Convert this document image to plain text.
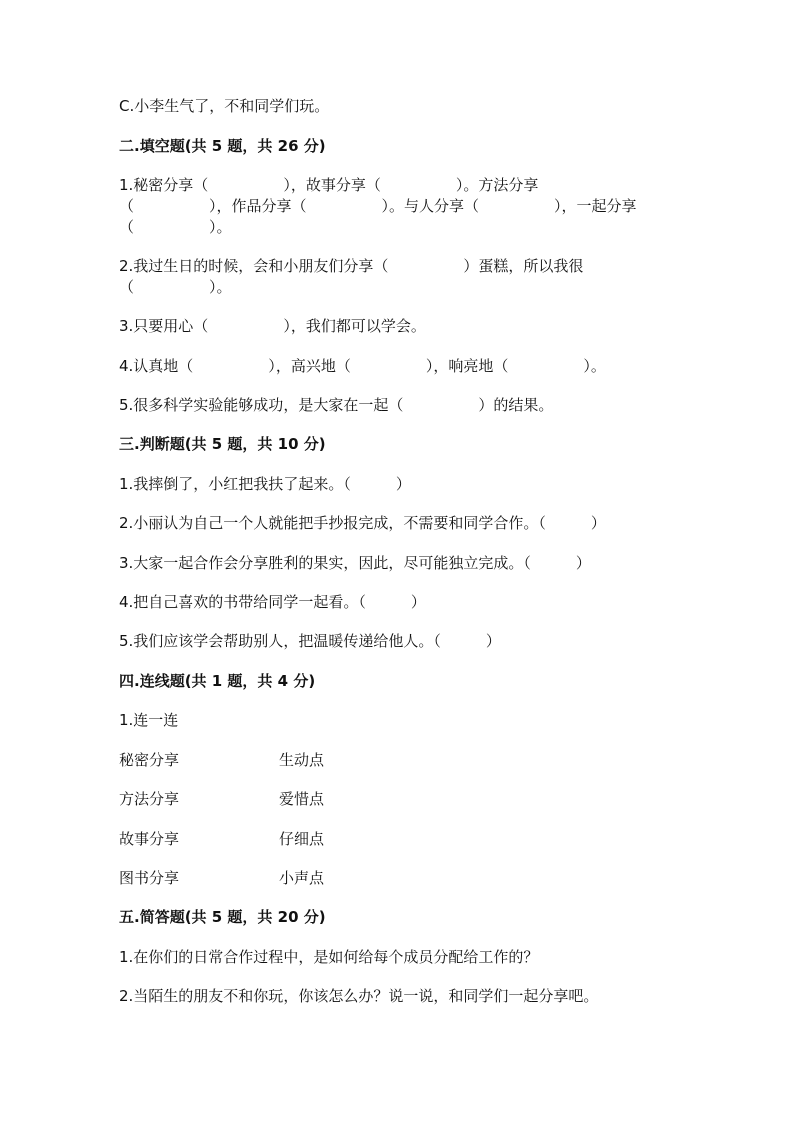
C.小李生气了，不和同学们玩。
二.填空题(共 5 题，共 26 分)
1.秘密分享（　　　　　），故事分享（　　　　　）。方法分享
（　　　　　），作品分享（　　　　　）。与人分享（　　　　　），一起分享
（　　　　　）。
2.我过生日的时候，会和小朋友们分享（　　　　　）蛋糕，所以我很
（　　　　　）。
3.只要用心（　　　　　），我们都可以学会。
4.认真地（　　　　　），高兴地（　　　　　），响亮地（　　　　　）。
5.很多科学实验能够成功，是大家在一起（　　　　　）的结果。
三.判断题(共 5 题，共 10 分)
1.我摔倒了，小红把我扶了起来。（　　　）
2.小丽认为自己一个人就能把手抄报完成，不需要和同学合作。（　　　）
3.大家一起合作会分享胜利的果实，因此，尽可能独立完成。（　　　）
4.把自己喜欢的书带给同学一起看。（　　　）
5.我们应该学会帮助别人，把温暖传递给他人。（　　　）
四.连线题(共 1 题，共 4 分)
1.连一连
秘密分享	生动点
方法分享	爱惜点
故事分享	仔细点
图书分享	小声点
五.简答题(共 5 题，共 20 分)
1.在你们的日常合作过程中，是如何给每个成员分配给工作的？
2.当陌生的朋友不和你玩，你该怎么办？说一说，和同学们一起分享吧。
